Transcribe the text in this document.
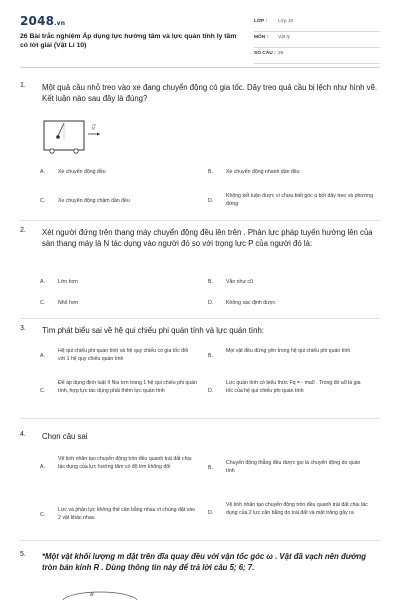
2048.vn
26 Bài trắc nghiệm Áp dụng lực hướng tâm và lực quán tính ly tâm có lời giải (Vật Lí 10)
LỚP : Lớp 10
MÔN : Vật lý
SỐ CÂU : 26
1. Một quả cầu nhỏ treo vào xe đang chuyển động có gia tốc. Dây treo quả cầu bị lệch như hình vẽ. Kết luận nào sau đây là đúng?
v
A.	Xe chuyển động đều	B.	Xe chuyển động nhanh dần đều
C. Xe chuyển động chậm dần đều	D.
Không kết luận được vì chưa biết góc α bởi dây treo và phương đứng
2. Xét người đứng trên thang máy chuyển động đều lên trên . Phản lực pháp tuyến hướng lên của sàn thang máy là N tác dụng vào người đó so với trọng lực P của người đó là:
A.	Lớn hơn	B.	Vẫn như cũ
C. Nhỏ hơn	D. Không xác định được
3. Tìm phát biểu sai về hệ qui chiếu phi quán tính và lực quán tính:
A.
Hệ qui chiếu phi quán tính và hệ quy chiếu có gia tốc đối với 1 hệ quy chiếu quán tính	B.
Mọi vật đều đứng yên trong hệ qui chiếu phi quán tính
C.
Để áp dụng định luật II Niu tơn trong 1 hệ qui chiếu phi quán tính, hợp lực tác dụng phải thêm lực quán tính	D.
Lực quán tính có biểu thức Fq = - ma0 . Trong đó a0 là gia tốc của hệ qui chiếu phi quán tính
4. Chọn câu sai
A.
Vệ tinh nhân tạo chuyển động tròn đều quanh trái đất chịu tác dụng của lực hướng tâm có độ lớn không đổi	B.
Chuyển động thẳng đều được gọi là chuyển động do quán tính
C.
Lực và phản lực không thể cân bằng nhau vì chúng đặt vào 2 vật khác nhau
D.
Vệ tinh nhân tạo chuyển động tròn đều quanh trái đất chịu tác dụng của 2 lực cân bằng do trái đất và mặt trăng gây ra
5. *Một vật khối lượng m đặt trên đĩa quay đều với vận tốc góc ω . Vật đã vạch nên đường tròn bán kính R . Dùng thông tin này để trả lời câu 5; 6; 7.
R
